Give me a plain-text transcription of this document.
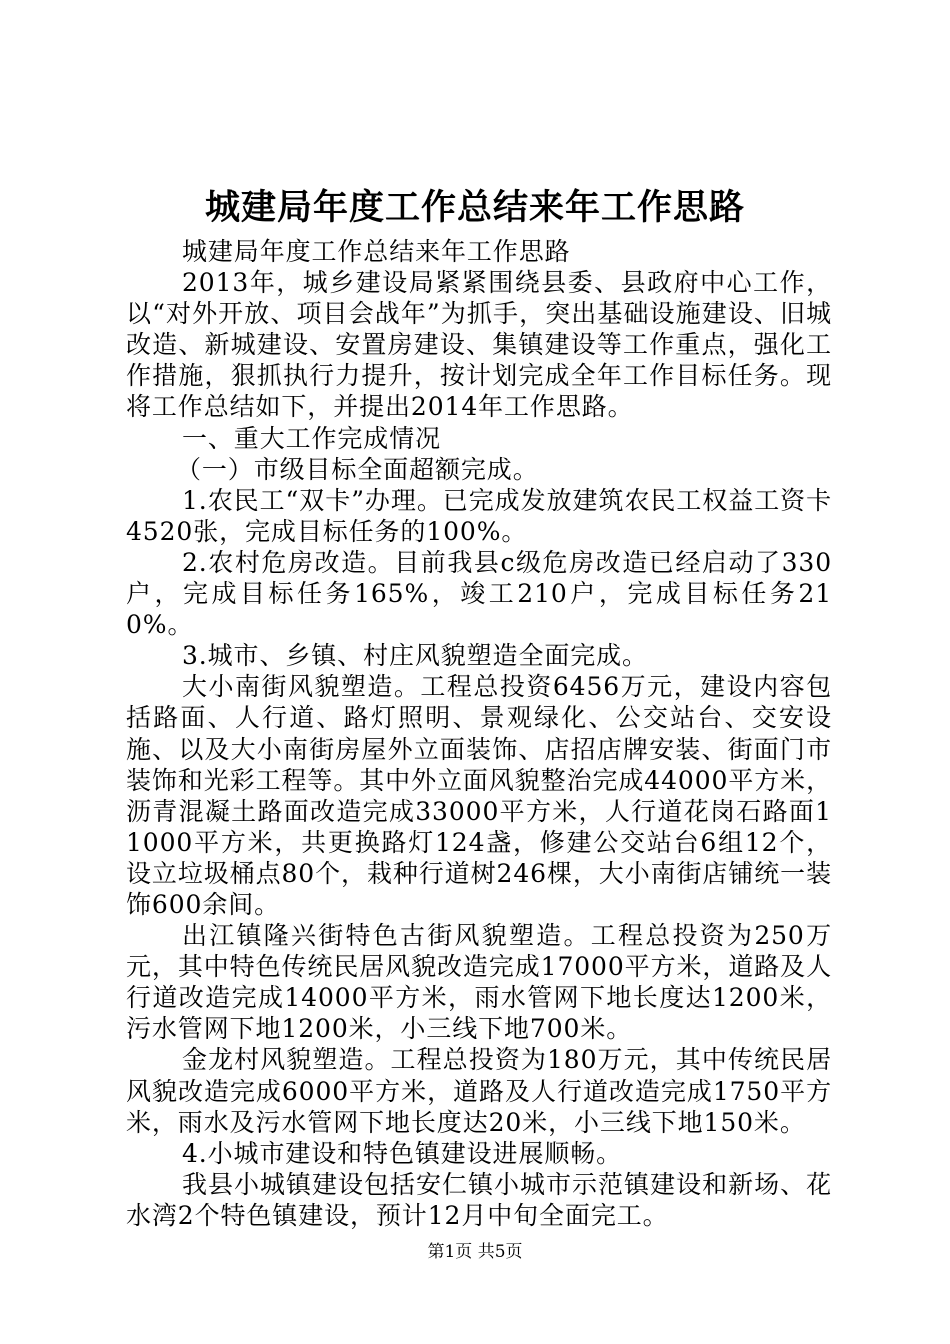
城建局年度工作总结来年工作思路

城建局年度工作总结来年工作思路

2013年，城乡建设局紧紧围绕县委、县政府中心工作，以“对外开放、项目会战年”为抓手，突出基础设施建设、旧城改造、新城建设、安置房建设、集镇建设等工作重点，强化工作措施，狠抓执行力提升，按计划完成全年工作目标任务。现将工作总结如下，并提出2014年工作思路。

一、重大工作完成情况

（一）市级目标全面超额完成。

1.农民工“双卡”办理。已完成发放建筑农民工权益工资卡4520张，完成目标任务的100%。

2.农村危房改造。目前我县c级危房改造已经启动了330户，完成目标任务165%，竣工210户，完成目标任务210%。

3.城市、乡镇、村庄风貌塑造全面完成。

大小南街风貌塑造。工程总投资6456万元，建设内容包括路面、人行道、路灯照明、景观绿化、公交站台、交安设施、以及大小南街房屋外立面装饰、店招店牌安装、街面门市装饰和光彩工程等。其中外立面风貌整治完成44000平方米，沥青混凝土路面改造完成33000平方米，人行道花岗石路面11000平方米，共更换路灯124盏，修建公交站台6组12个，设立垃圾桶点80个，栽种行道树246棵，大小南街店铺统一装饰600余间。

出江镇隆兴街特色古街风貌塑造。工程总投资为250万元，其中特色传统民居风貌改造完成17000平方米，道路及人行道改造完成14000平方米，雨水管网下地长度达1200米，污水管网下地1200米，小三线下地700米。

金龙村风貌塑造。工程总投资为180万元，其中传统民居风貌改造完成6000平方米，道路及人行道改造完成1750平方米，雨水及污水管网下地长度达20米，小三线下地150米。

4.小城市建设和特色镇建设进展顺畅。

我县小城镇建设包括安仁镇小城市示范镇建设和新场、花水湾2个特色镇建设，预计12月中旬全面完工。

第1页 共5页
